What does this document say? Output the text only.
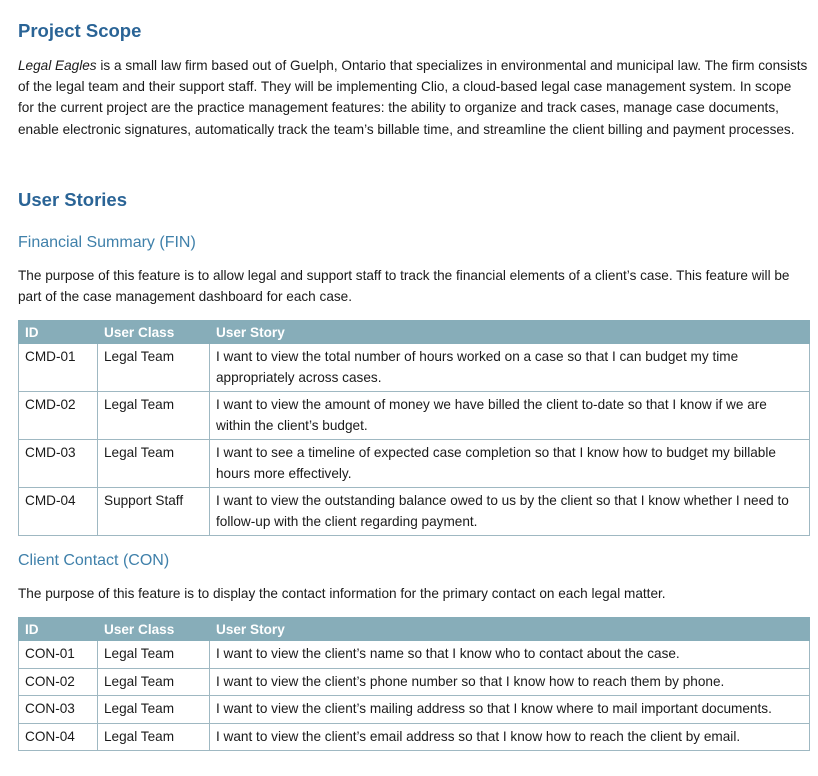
Project Scope

Legal Eagles is a small law firm based out of Guelph, Ontario that specializes in environmental and municipal law. The firm consists of the legal team and their support staff. They will be implementing Clio, a cloud-based legal case management system. In scope for the current project are the practice management features: the ability to organize and track cases, manage case documents, enable electronic signatures, automatically track the team’s billable time, and streamline the client billing and payment processes.

User Stories
Financial Summary (FIN)

The purpose of this feature is to allow legal and support staff to track the financial elements of a client’s case. This feature will be part of the case management dashboard for each case.

ID	User Class	User Story
CMD-01	Legal Team	I want to view the total number of hours worked on a case so that I can budget my time appropriately across cases.
CMD-02	Legal Team	I want to view the amount of money we have billed the client to-date so that I know if we are within the client’s budget.
CMD-03	Legal Team	I want to see a timeline of expected case completion so that I know how to budget my billable hours more effectively.
CMD-04	Support Staff	I want to view the outstanding balance owed to us by the client so that I know whether I need to follow-up with the client regarding payment.
Client Contact (CON)

The purpose of this feature is to display the contact information for the primary contact on each legal matter.

ID	User Class	User Story
CON-01	Legal Team	I want to view the client’s name so that I know who to contact about the case.
CON-02	Legal Team	I want to view the client’s phone number so that I know how to reach them by phone.
CON-03	Legal Team	I want to view the client’s mailing address so that I know where to mail important documents.
CON-04	Legal Team	I want to view the client’s email address so that I know how to reach the client by email.
